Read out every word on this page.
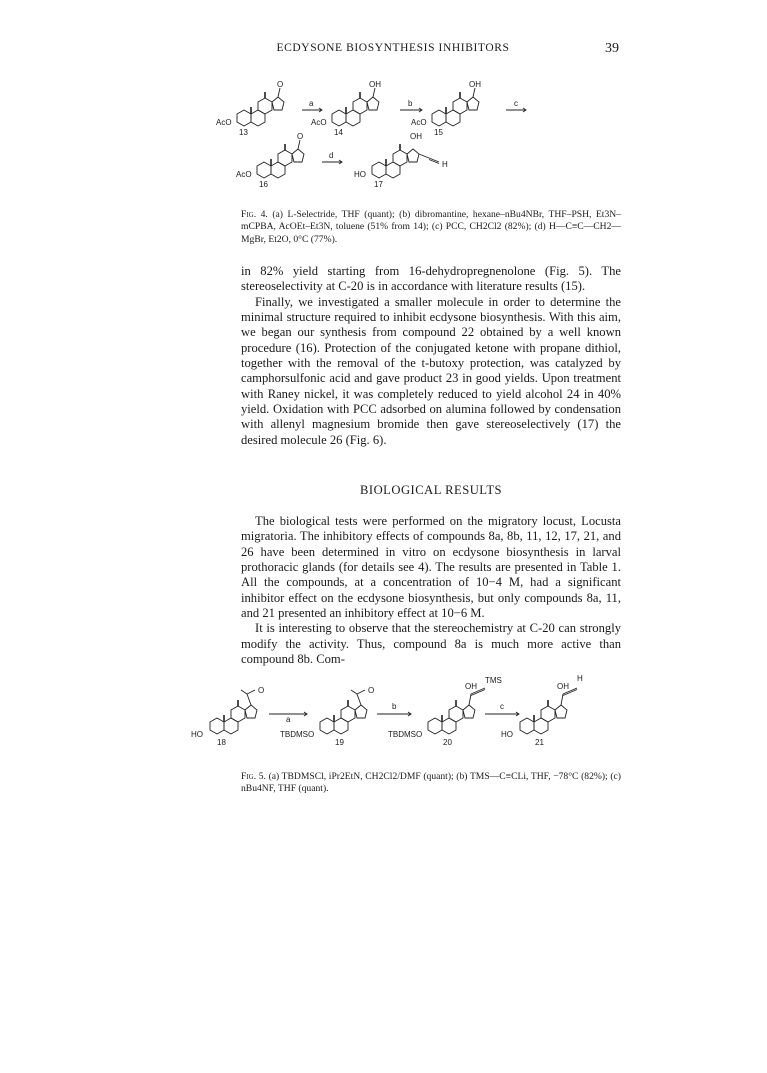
ECDYSONE BIOSYNTHESIS INHIBITORS	39
O
AcO
13
OH
AcO
14
OH
AcO
15
O
AcO
16
OH
HO
H
17
a	b	c
d
Fig. 4. (a) L-Selectride, THF (quant); (b) dibromantine, hexane–nBu4NBr, THF–PSH, Et3N–mCPBA, AcOEt–Et3N, toluene (51% from 14); (c) PCC, CH2Cl2 (82%); (d) H—C≡C—CH2—MgBr, Et2O, 0°C (77%).

in 82% yield starting from 16-dehydropregnenolone (Fig. 5). The stereoselectivity at C-20 is in accordance with literature results (15).

Finally, we investigated a smaller molecule in order to determine the minimal structure required to inhibit ecdysone biosynthesis. With this aim, we began our synthesis from compound 22 obtained by a well known procedure (16). Protection of the conjugated ketone with propane dithiol, together with the removal of the t-butoxy protection, was catalyzed by camphorsulfonic acid and gave product 23 in good yields. Upon treatment with Raney nickel, it was completely reduced to yield alcohol 24 in 40% yield. Oxidation with PCC adsorbed on alumina followed by condensation with allenyl magnesium bromide then gave stereoselectively (17) the desired molecule 26 (Fig. 6).

BIOLOGICAL RESULTS

The biological tests were performed on the migratory locust, Locusta migratoria. The inhibitory effects of compounds 8a, 8b, 11, 12, 17, 21, and 26 have been determined in vitro on ecdysone biosynthesis in larval prothoracic glands (for details see 4). The results are presented in Table 1. All the compounds, at a concentration of 10−4 M, had a significant inhibitor effect on the ecdysone biosynthesis, but only compounds 8a, 11, and 21 presented an inhibitory effect at 10−6 M.

It is interesting to observe that the stereochemistry at C-20 can strongly modify the activity. Thus, compound 8a is much more active than compound 8b. Com-

O
HO
18
O
TBDMSO
19
OH
TMS
TBDMSO
20
OH
H
HO
21
a
b	c
Fig. 5. (a) TBDMSCl, iPr2EtN, CH2Cl2/DMF (quant); (b) TMS—C≡CLi, THF, −78°C (82%); (c) nBu4NF, THF (quant).
